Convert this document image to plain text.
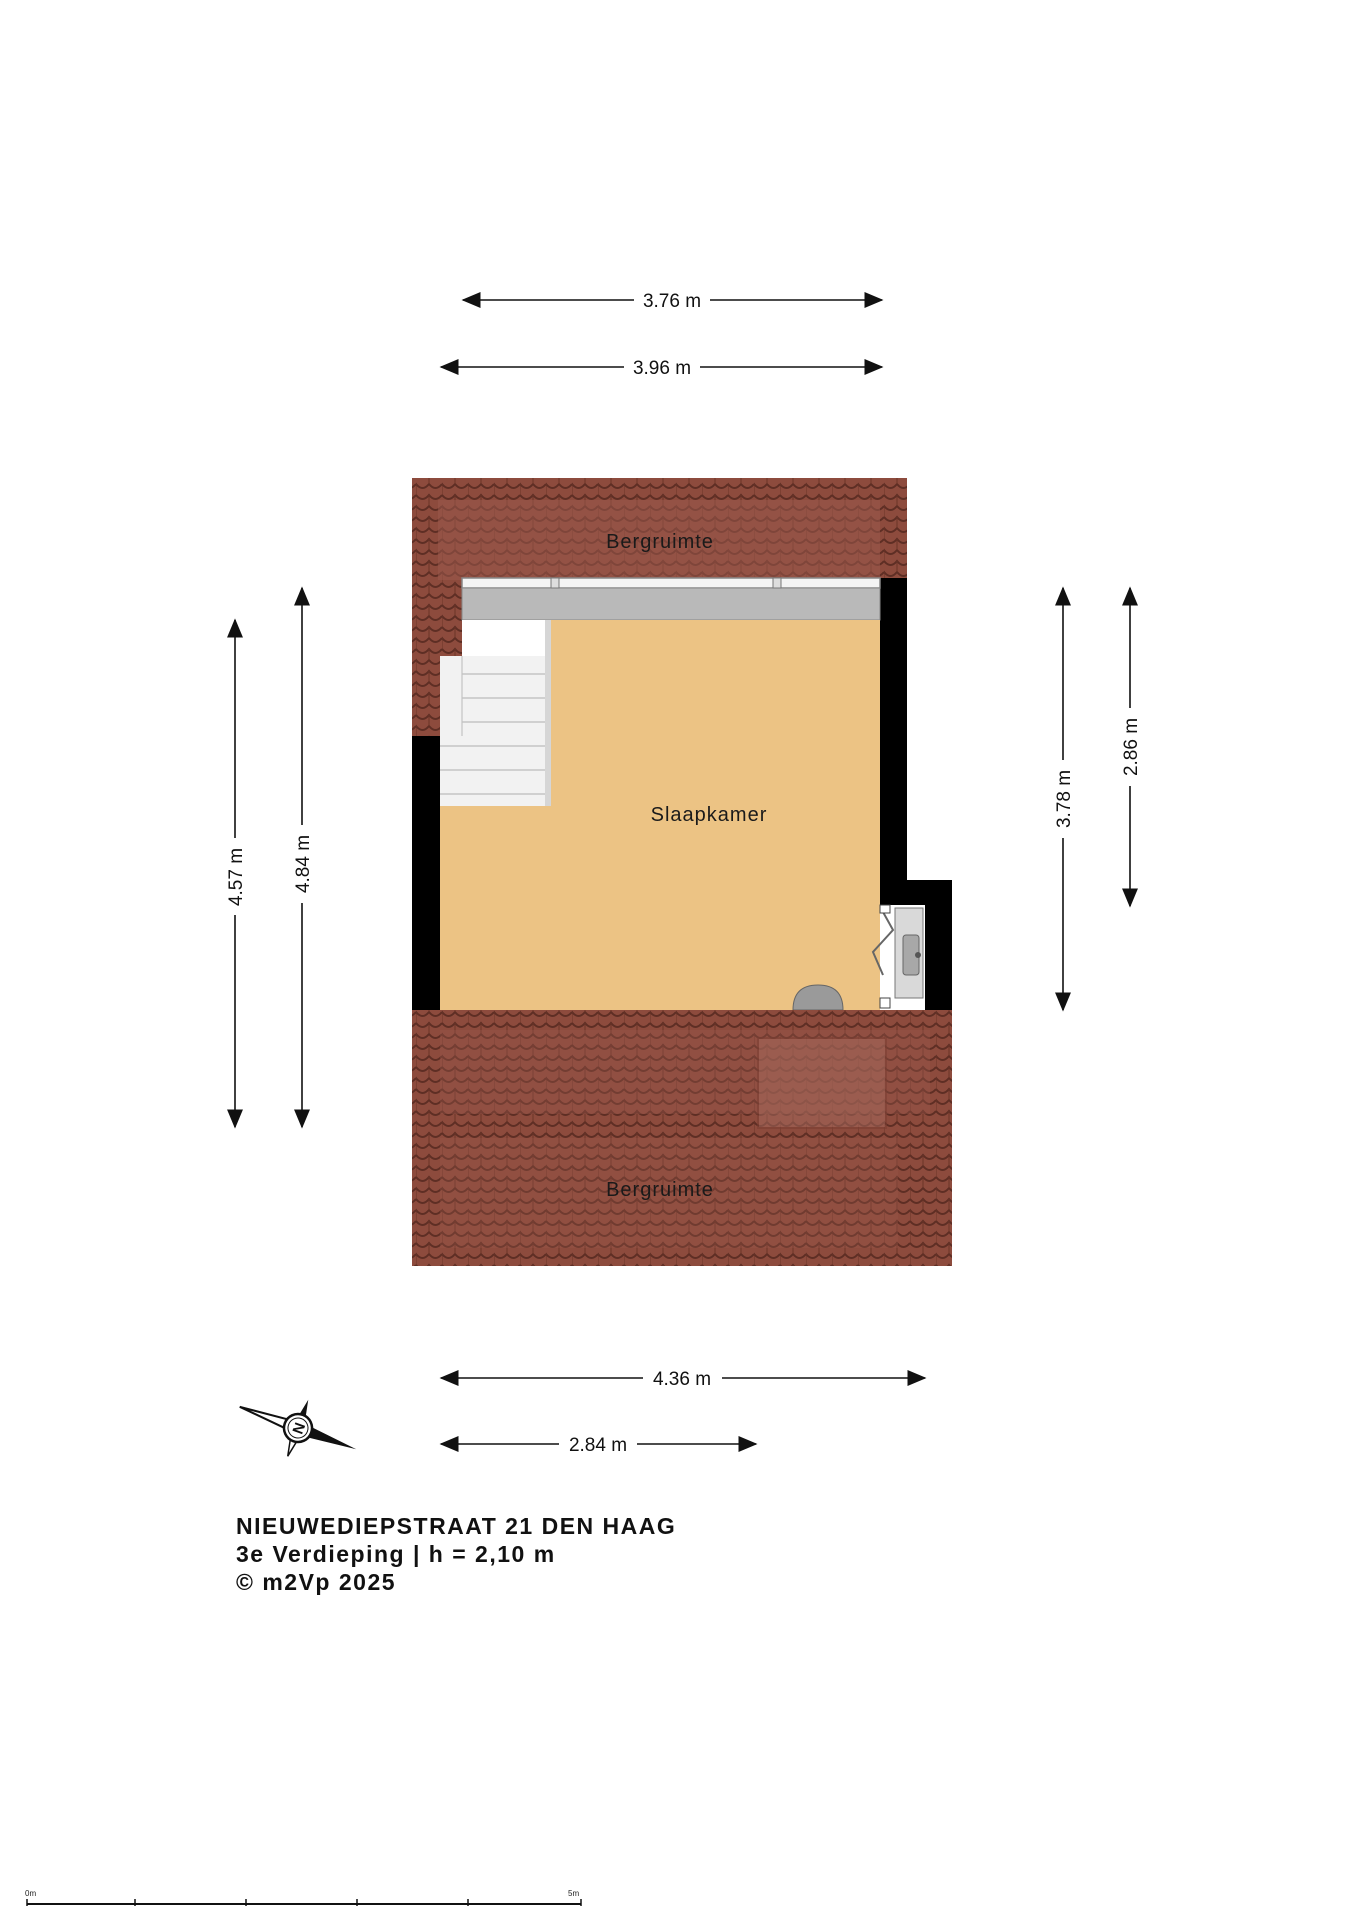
Bergruimte
Slaapkamer
Bergruimte
3.76 m
3.96 m
4.57 m 4.84 m
3.78 m
2.86 m
4.36 m
2.84 m
N
0m	5m
NIEUWEDIEPSTRAAT 21 DEN HAAG
3e Verdieping | h = 2,10 m
© m2Vp 2025
